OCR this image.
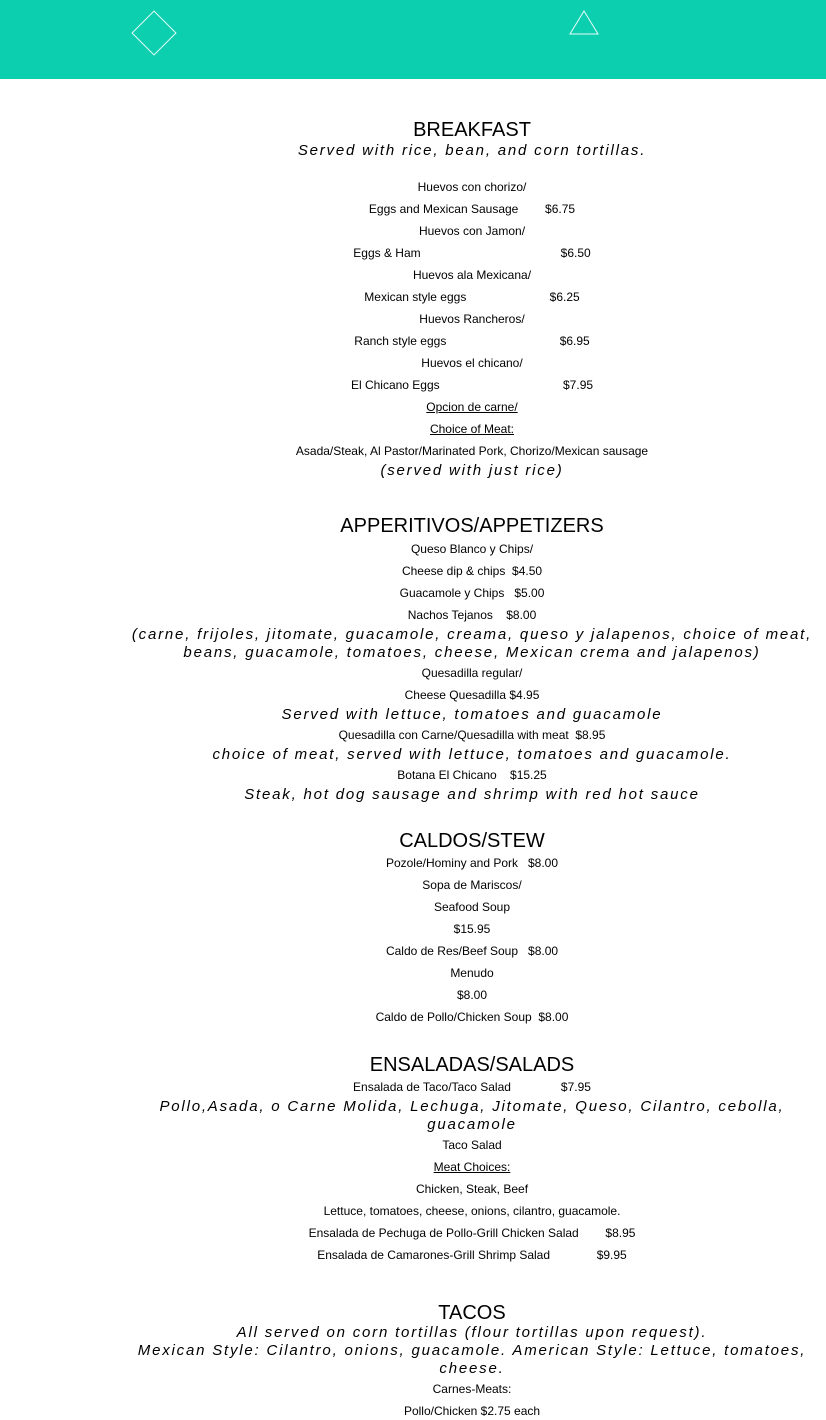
BREAKFAST
Served with rice, bean, and corn tortillas.
Huevos con chorizo/
Eggs and Mexican Sausage        $6.75
Huevos con Jamon/
Eggs & Ham                                          $6.50
Huevos ala Mexicana/
Mexican style eggs                         $6.25
Huevos Rancheros/
Ranch style eggs                                  $6.95
Huevos el chicano/
El Chicano Eggs                                     $7.95
Opcion de carne/
Choice of Meat:
Asada/Steak, Al Pastor/Marinated Pork, Chorizo/Mexican sausage
(served with just rice)
APPERITIVOS/APPETIZERS
Queso Blanco y Chips/
Cheese dip & chips  $4.50
Guacamole y Chips   $5.00
Nachos Tejanos    $8.00
(carne, frijoles, jitomate, guacamole, creama, queso y jalapenos, choice of meat, beans, guacamole, tomatoes, cheese, Mexican crema and jalapenos)
Quesadilla regular/
Cheese Quesadilla $4.95
Served with lettuce, tomatoes and guacamole
Quesadilla con Carne/Quesadilla with meat  $8.95
choice of meat, served with lettuce, tomatoes and guacamole.
Botana El Chicano    $15.25
Steak, hot dog sausage and shrimp with red hot sauce
CALDOS/STEW
Pozole/Hominy and Pork   $8.00
Sopa de Mariscos/
Seafood Soup
$15.95
Caldo de Res/Beef Soup   $8.00
Menudo
$8.00
Caldo de Pollo/Chicken Soup  $8.00
ENSALADAS/SALADS
Ensalada de Taco/Taco Salad               $7.95
Pollo,Asada, o Carne Molida, Lechuga, Jitomate, Queso, Cilantro, cebolla, guacamole
Taco Salad
Meat Choices:
Chicken, Steak, Beef
Lettuce, tomatoes, cheese, onions, cilantro, guacamole.
Ensalada de Pechuga de Pollo-Grill Chicken Salad        $8.95
Ensalada de Camarones-Grill Shrimp Salad              $9.95
TACOS
All served on corn tortillas (flour tortillas upon request).
Mexican Style: Cilantro, onions, guacamole. American Style: Lettuce, tomatoes, cheese.
Carnes-Meats:
Pollo/Chicken $2.75 each
